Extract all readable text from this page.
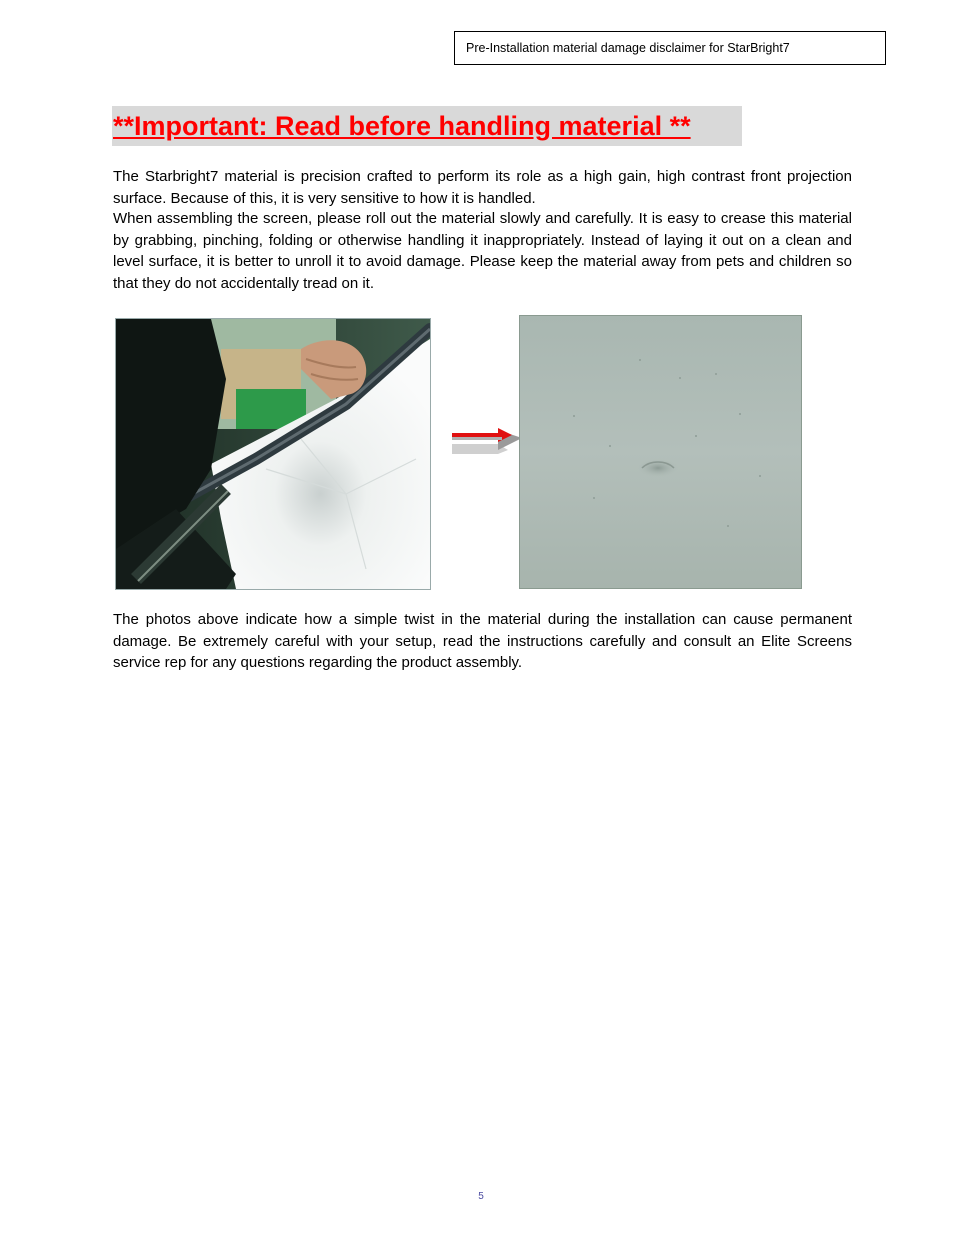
Pre-Installation material damage disclaimer for StarBright7
**Important: Read before handling material **

The Starbright7 material is precision crafted to perform its role as a high gain, high contrast front projection surface. Because of this, it is very sensitive to how it is handled.

When assembling the screen, please roll out the material slowly and carefully. It is easy to crease this material by grabbing, pinching, folding or otherwise handling it inappropriately. Instead of laying it out on a clean and level surface, it is better to unroll it to avoid damage. Please keep the material away from pets and children so that they do not accidentally tread on it.

The photos above indicate how a simple twist in the material during the installation can cause permanent damage. Be extremely careful with your setup, read the instructions carefully and consult an Elite Screens service rep for any questions regarding the product assembly.

5
